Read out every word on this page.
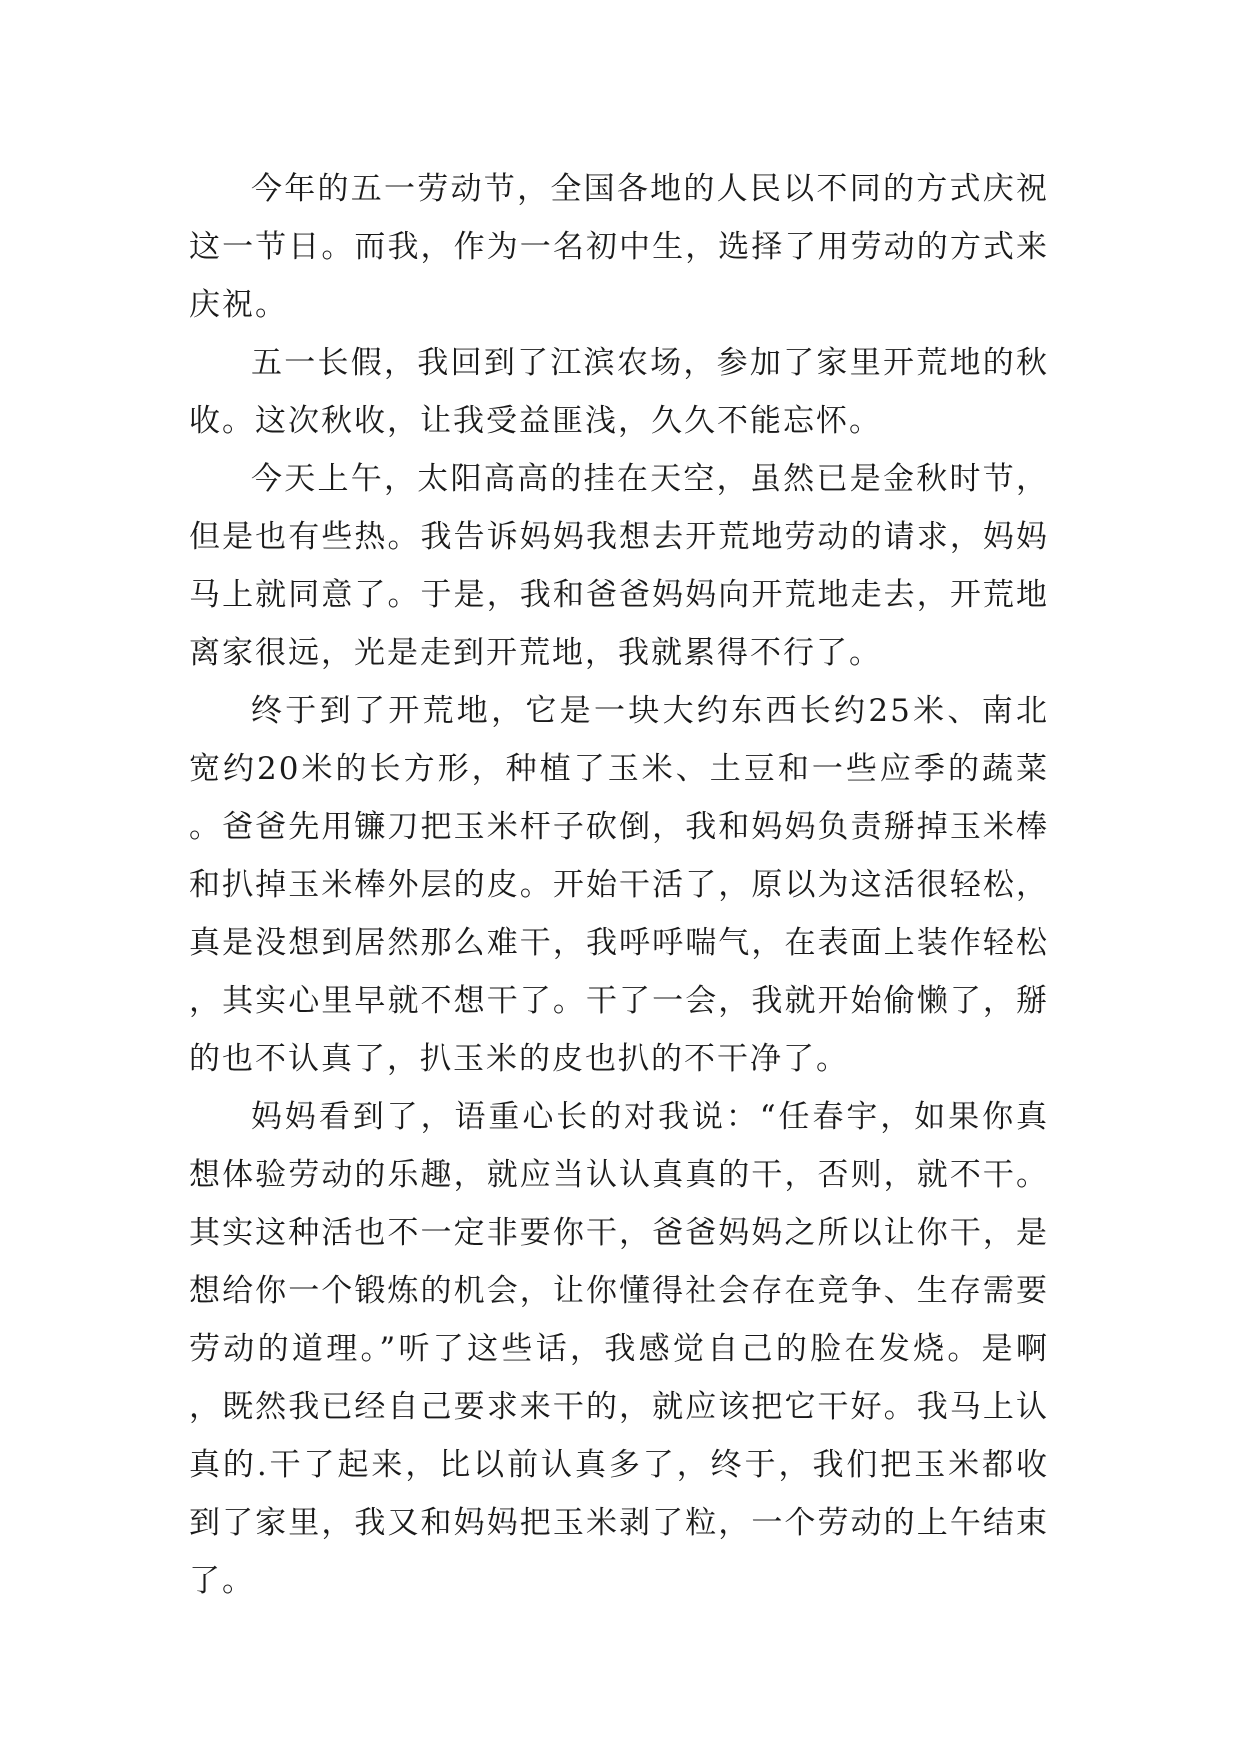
今年的五一劳动节，全国各地的人民以不同的方式庆祝这一节日。而我，作为一名初中生，选择了用劳动的方式来庆祝。

五一长假，我回到了江滨农场，参加了家里开荒地的秋收。这次秋收，让我受益匪浅，久久不能忘怀。

今天上午，太阳高高的挂在天空，虽然已是金秋时节，但是也有些热。我告诉妈妈我想去开荒地劳动的请求，妈妈马上就同意了。于是，我和爸爸妈妈向开荒地走去，开荒地离家很远，光是走到开荒地，我就累得不行了。

终于到了开荒地，它是一块大约东西长约25米、南北宽约20米的长方形，种植了玉米、土豆和一些应季的蔬菜。爸爸先用镰刀把玉米杆子砍倒，我和妈妈负责掰掉玉米棒和扒掉玉米棒外层的皮。开始干活了，原以为这活很轻松，真是没想到居然那么难干，我呼呼喘气，在表面上装作轻松，其实心里早就不想干了。干了一会，我就开始偷懒了，掰的也不认真了，扒玉米的皮也扒的不干净了。

妈妈看到了，语重心长的对我说：“任春宇，如果你真想体验劳动的乐趣，就应当认认真真的干，否则，就不干。其实这种活也不一定非要你干，爸爸妈妈之所以让你干，是想给你一个锻炼的机会，让你懂得社会存在竞争、生存需要劳动的道理。”听了这些话，我感觉自己的脸在发烧。是啊，既然我已经自己要求来干的，就应该把它干好。我马上认真的.干了起来，比以前认真多了，终于，我们把玉米都收到了家里，我又和妈妈把玉米剥了粒，一个劳动的上午结束了。
